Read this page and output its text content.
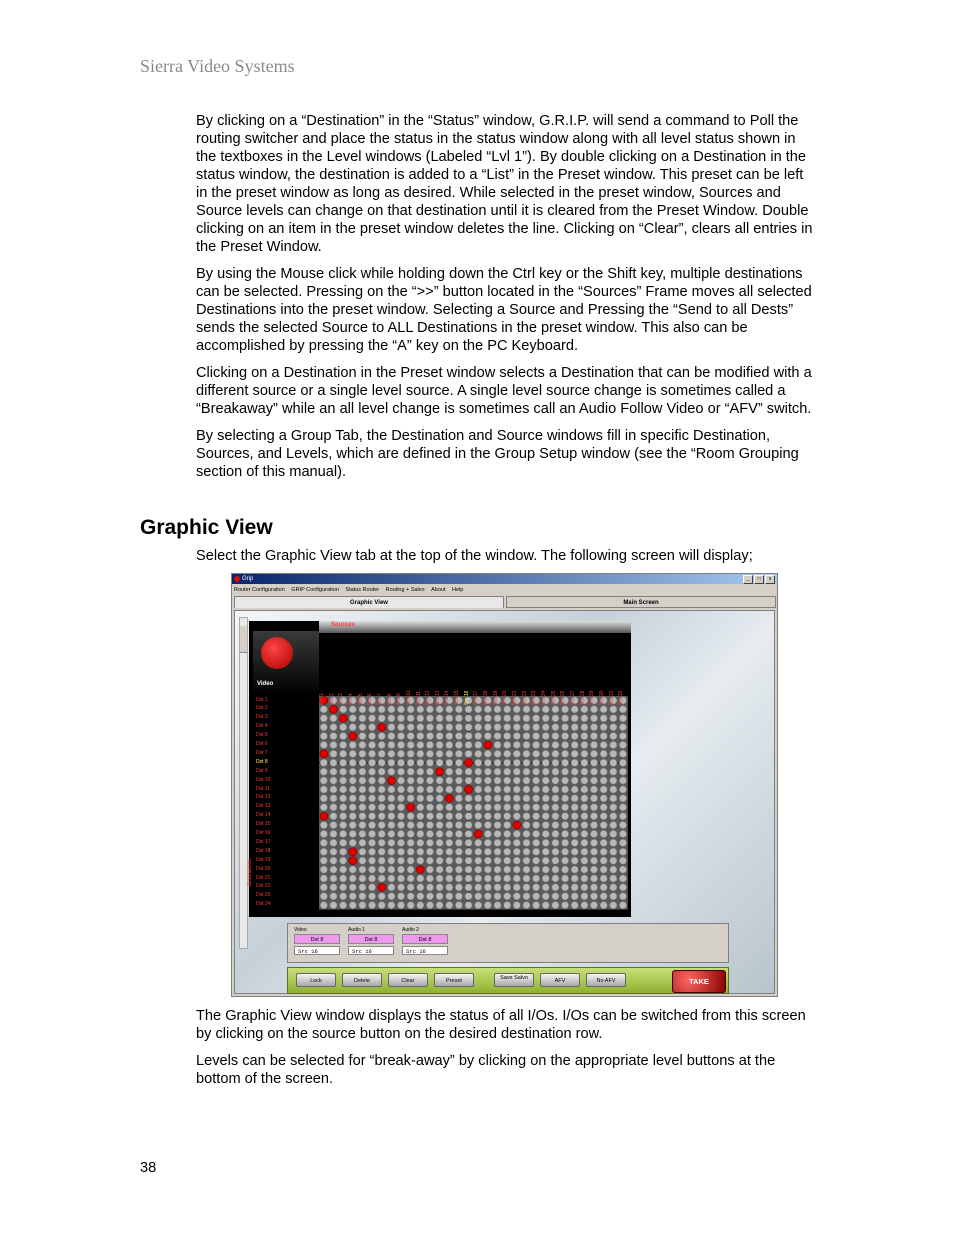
Sierra Video Systems

By clicking on a “Destination” in the “Status” window, G.R.I.P. will send a command to Poll the routing switcher and place the status in the status window along with all level status shown in the textboxes in the Level windows (Labeled “Lvl 1”). By double clicking on a Destination in the status window, the destination is added to a “List” in the Preset window. This preset can be left in the preset window as long as desired. While selected in the preset window, Sources and Source levels can change on that destination until it is cleared from the Preset Window. Double clicking on an item in the preset window deletes the line. Clicking on “Clear”, clears all entries in the Preset Window.

By using the Mouse click while holding down the Ctrl key or the Shift key, multiple destinations can be selected. Pressing on the “>>” button located in the “Sources” Frame moves all selected Destinations into the preset window. Selecting a Source and Pressing the “Send to all Dests” sends the selected Source to ALL Destinations in the preset window. This also can be accomplished by pressing the “A” key on the PC Keyboard.

Clicking on a Destination in the Preset window selects a Destination that can be modified with a different source or a single level source. A single level source change is sometimes called a “Breakaway” while an all level change is sometimes call an Audio Follow Video or “AFV” switch.

By selecting a Group Tab, the Destination and Source windows fill in specific Destination, Sources, and Levels, which are defined in the Group Setup window (see the “Room Grouping section of this manual).

Graphic View
Select the Graphic View tab at the top of the window. The following screen will display;
Grip	_ □ x
Router Configuration GRIP Configuration Status Router Routing + Salvo About Help
Graphic View	Main Screen
Sources
Video
Destinations
Src 1 Src 2 Src 3 Src 4 Src 5 Src 6 Src 7 Src 8 Src 9 Src 10 Src 11 Src 12 Src 13 Src 14 Src 15 Src 16 Src 17 Src 18 Src 19 Src 20 Src 21 Src 22 Src 23 Src 24 Src 25 Src 26 Src 27 Src 28 Src 29 Src 30 Src 31 Src 32
Dst 1
Dst 2
Dst 3
Dst 4
Dst 5
Dst 6
Dst 7
Dst 8
Dst 9
Dst 10
Dst 11
Dst 12
Dst 13
Dst 14
Dst 15
Dst 16
Dst 17
Dst 18
Dst 19
Dst 20
Dst 21
Dst 22
Dst 23
Dst 24
Video
Dst 8
Src 16
Audio 1
Dst 8
Src 16
Audio 2
Dst 8
Src 16
Lock	Delete	Clear	Preset	Save Salvo	AFV	No AFV	TAKE

The Graphic View window displays the status of all I/Os. I/Os can be switched from this screen by clicking on the source button on the desired destination row.

Levels can be selected for “break-away” by clicking on the appropriate level buttons at the bottom of the screen.

38
